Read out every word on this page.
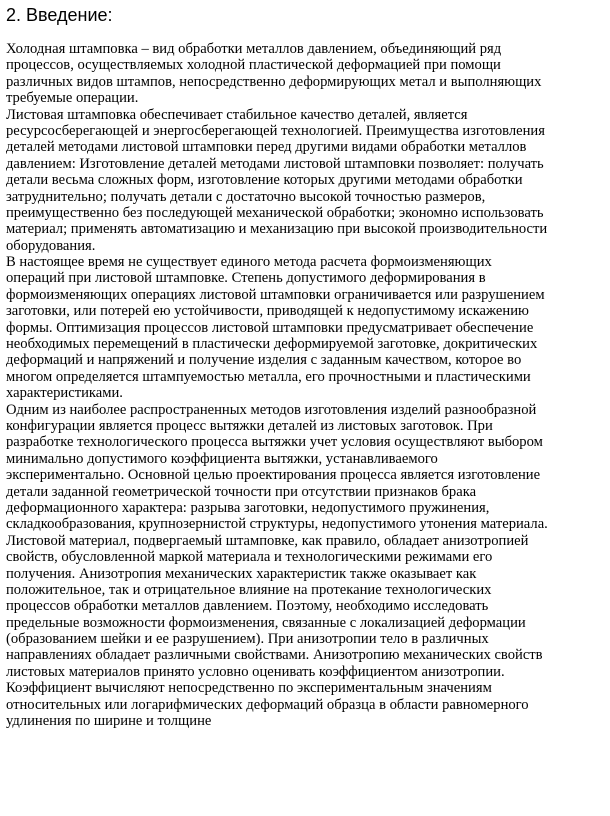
2. Введение:
Холодная штамповка – вид обработки металлов давлением, объединяющий ряд
процессов, осуществляемых холодной пластической деформацией при помощи
различных видов штампов, непосредственно деформирующих метал и выполняющих
требуемые операции.
Листовая штамповка обеспечивает стабильное качество деталей, является
ресурсосберегающей и энергосберегающей технологией. Преимущества изготовления
деталей методами листовой штамповки перед другими видами обработки металлов
давлением: Изготовление деталей методами листовой штамповки позволяет: получать
детали весьма сложных форм, изготовление которых другими методами обработки
затруднительно; получать детали с достаточно высокой точностью размеров,
преимущественно без последующей механической обработки; экономно использовать
материал; применять автоматизацию и механизацию при высокой производительности
оборудования.
В настоящее время не существует единого метода расчета формоизменяющих
операций при листовой штамповке. Степень допустимого деформирования в
формоизменяющих операциях листовой штамповки ограничивается или разрушением
заготовки, или потерей ею устойчивости, приводящей к недопустимому искажению
формы. Оптимизация процессов листовой штамповки предусматривает обеспечение
необходимых перемещений в пластически деформируемой заготовке, докритических
деформаций и напряжений и получение изделия с заданным качеством, которое во
многом определяется штампуемостью металла, его прочностными и пластическими
характеристиками.
Одним из наиболее распространенных методов изготовления изделий разнообразной
конфигурации является процесс вытяжки деталей из листовых заготовок. При
разработке технологического процесса вытяжки учет условия осуществляют выбором
минимально допустимого коэффициента вытяжки, устанавливаемого
экспериментально. Основной целью проектирования процесса является изготовление
детали заданной геометрической точности при отсутствии признаков брака
деформационного характера: разрыва заготовки, недопустимого пружинения,
складкообразования, крупнозернистой структуры, недопустимого утонения материала.
Листовой материал, подвергаемый штамповке, как правило, обладает анизотропией
свойств, обусловленной маркой материала и технологическими режимами его
получения. Анизотропия механических характеристик также оказывает как
положительное, так и отрицательное влияние на протекание технологических
процессов обработки металлов давлением. Поэтому, необходимо исследовать
предельные возможности формоизменения, связанные с локализацией деформации
(образованием шейки и ее разрушением). При анизотропии тело в различных
направлениях обладает различными свойствами. Анизотропию механических свойств
листовых материалов принято условно оценивать коэффициентом анизотропии.
Коэффициент вычисляют непосредственно по экспериментальным значениям
относительных или логарифмических деформаций образца в области равномерного
удлинения по ширине и толщине
